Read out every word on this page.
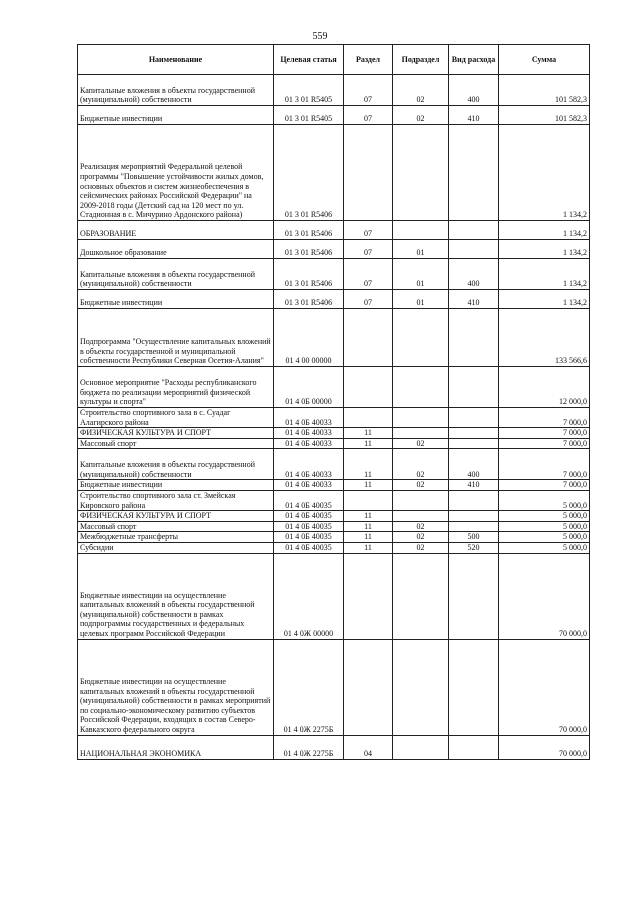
559
Наименование	Целевая статья	Раздел	Подраздел	Вид расхода	Сумма
Капитальные вложения в объекты государственной (муниципальной) собственности	01 3 01 R5405	07	02	400	101 582,3
Бюджетные инвестиции	01 3 01 R5405	07	02	410	101 582,3
Реализация мероприятий Федеральной целевой программы "Повышение устойчивости жилых домов, основных объектов и систем жизнеобеспечения в сейсмических районах Российской Федерации" на 2009-2018 годы (Детский сад на 120 мест по ул. Стадионная в с. Мичурино Ардонского района)	01 3 01 R5406				1 134,2
ОБРАЗОВАНИЕ	01 3 01 R5406	07			1 134,2
Дошкольное образование	01 3 01 R5406	07	01		1 134,2
Капитальные вложения в объекты государственной (муниципальной) собственности	01 3 01 R5406	07	01	400	1 134,2
Бюджетные инвестиции	01 3 01 R5406	07	01	410	1 134,2
Подпрограмма "Осуществление капитальных вложений в объекты государственной и муниципальной собственности Республики Северная Осетия-Алания"	01 4 00 00000				133 566,6
Основное мероприятие "Расходы республиканского бюджета по реализации мероприятий физической культуры и спорта"	01 4 0Б 00000				12 000,0
Строительство спортивного зала в с. Суадаг Алагирского района	01 4 0Б 40033				7 000,0
ФИЗИЧЕСКАЯ КУЛЬТУРА И СПОРТ	01 4 0Б 40033	11			7 000,0
Массовый спорт	01 4 0Б 40033	11	02		7 000,0
Капитальные вложения в объекты государственной (муниципальной) собственности	01 4 0Б 40033	11	02	400	7 000,0
Бюджетные инвестиции	01 4 0Б 40033	11	02	410	7 000,0
Строительство спортивного зала ст. Змейская Кировского района	01 4 0Б 40035				5 000,0
ФИЗИЧЕСКАЯ КУЛЬТУРА И СПОРТ	01 4 0Б 40035	11			5 000,0
Массовый спорт	01 4 0Б 40035	11	02		5 000,0
Межбюджетные трансферты	01 4 0Б 40035	11	02	500	5 000,0
Субсидии	01 4 0Б 40035	11	02	520	5 000,0
Бюджетные инвестиции на осуществление капитальных вложений в объекты государственной (муниципальной) собственности в рамках подпрограммы государственных и федеральных целевых программ Российской Федерации	01 4 0Ж 00000				70 000,0
Бюджетные инвестиции на осуществление капитальных вложений в объекты государственной (муниципальной) собственности в рамках мероприятий по социально-экономическому развитию субъектов Российской Федерации, входящих в состав Северо-Кавказского федерального округа	01 4 0Ж 2275Б				70 000,0
НАЦИОНАЛЬНАЯ ЭКОНОМИКА	01 4 0Ж 2275Б	04			70 000,0
